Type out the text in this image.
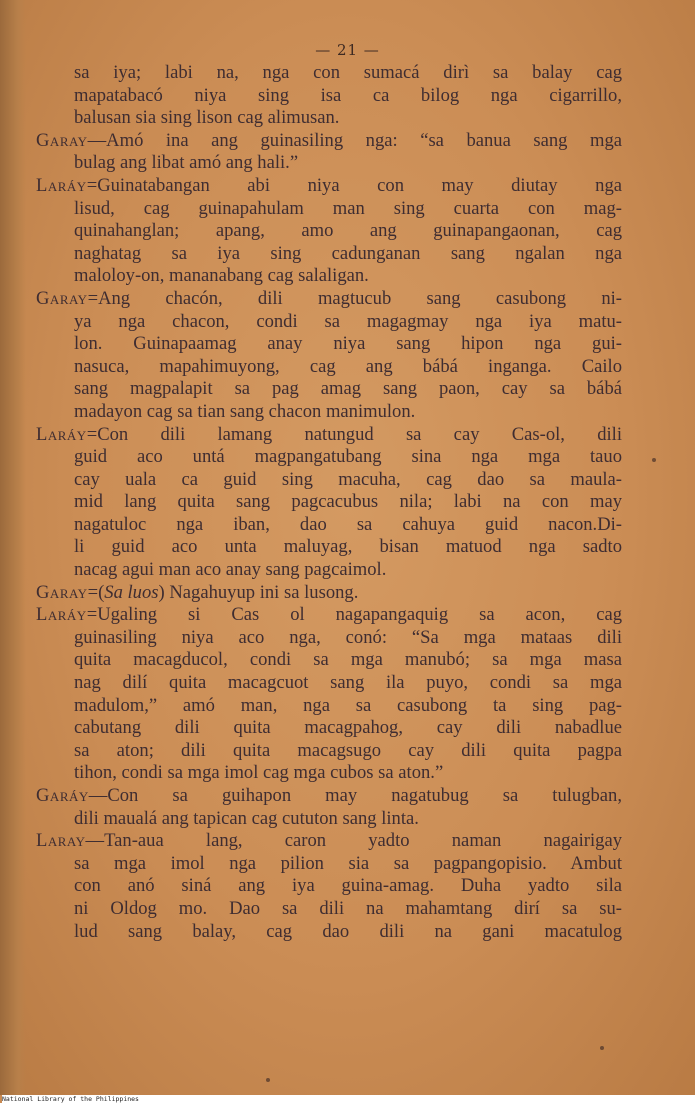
— 21 —
sa iya; labi na, nga con sumacá dirì sa balay cag
mapatabacó niya sing isa ca bilog nga cigarrillo,
balusan sia sing lison cag alimusan.
Garay—Amó ina ang guinasiling nga: “sa banua sang mga
bulag ang libat amó ang hali.”
Laráy=Guinatabangan abi niya con may diutay nga
lisud, cag guinapahulam man sing cuarta con mag-
quinahanglan; apang, amo ang guinapangaonan, cag
naghatag sa iya sing cadunganan sang ngalan nga
maloloy-on, mananabang cag salaligan.
Garay=Ang chacón, dili magtucub sang casubong ni-
ya nga chacon, condi sa magagmay nga iya matu-
lon. Guinapaamag anay niya sang hipon nga gui-
nasuca, mapahimuyong, cag ang bábá inganga. Cailo
sang magpalapit sa pag amag sang paon, cay sa bábá
madayon cag sa tian sang chacon manimulon.
Laráy=Con dili lamang natungud sa cay Cas-ol, dili
guid aco untá magpangatubang sina nga mga tauo
cay uala ca guid sing macuha, cag dao sa maula-
mid lang quita sang pagcacubus nila; labi na con may
nagatuloc nga iban, dao sa cahuya guid nacon.Di-
li guid aco unta maluyag, bisan matuod nga sadto
nacag agui man aco anay sang pagcaimol.
Garay=(Sa luos) Nagahuyup ini sa lusong.
Laráy=Ugaling si Cas ol nagapangaquig sa acon, cag
guinasiling niya aco nga, conó: “Sa mga mataas dili
quita macagducol, condi sa mga manubó; sa mga masa
nag dilí quita macagcuot sang ila puyo, condi sa mga
madulom,” amó man, nga sa casubong ta sing pag-
cabutang dili quita macagpahog, cay dili nabadlue
sa aton; dili quita macagsugo cay dili quita pagpa
tihon, condi sa mga imol cag mga cubos sa aton.”
Garáy—Con sa guihapon may nagatubug sa tulugban,
dili maualá ang tapican cag cututon sang linta.
Laray—Tan-aua lang, caron yadto naman nagairigay
sa mga imol nga pilion sia sa pagpangopisio. Ambut
con anó siná ang iya guina-amag. Duha yadto sila
ni Oldog mo. Dao sa dili na mahamtang dirí sa su-
lud sang balay, cag dao dili na gani macatulog
National Library of the Philippines
